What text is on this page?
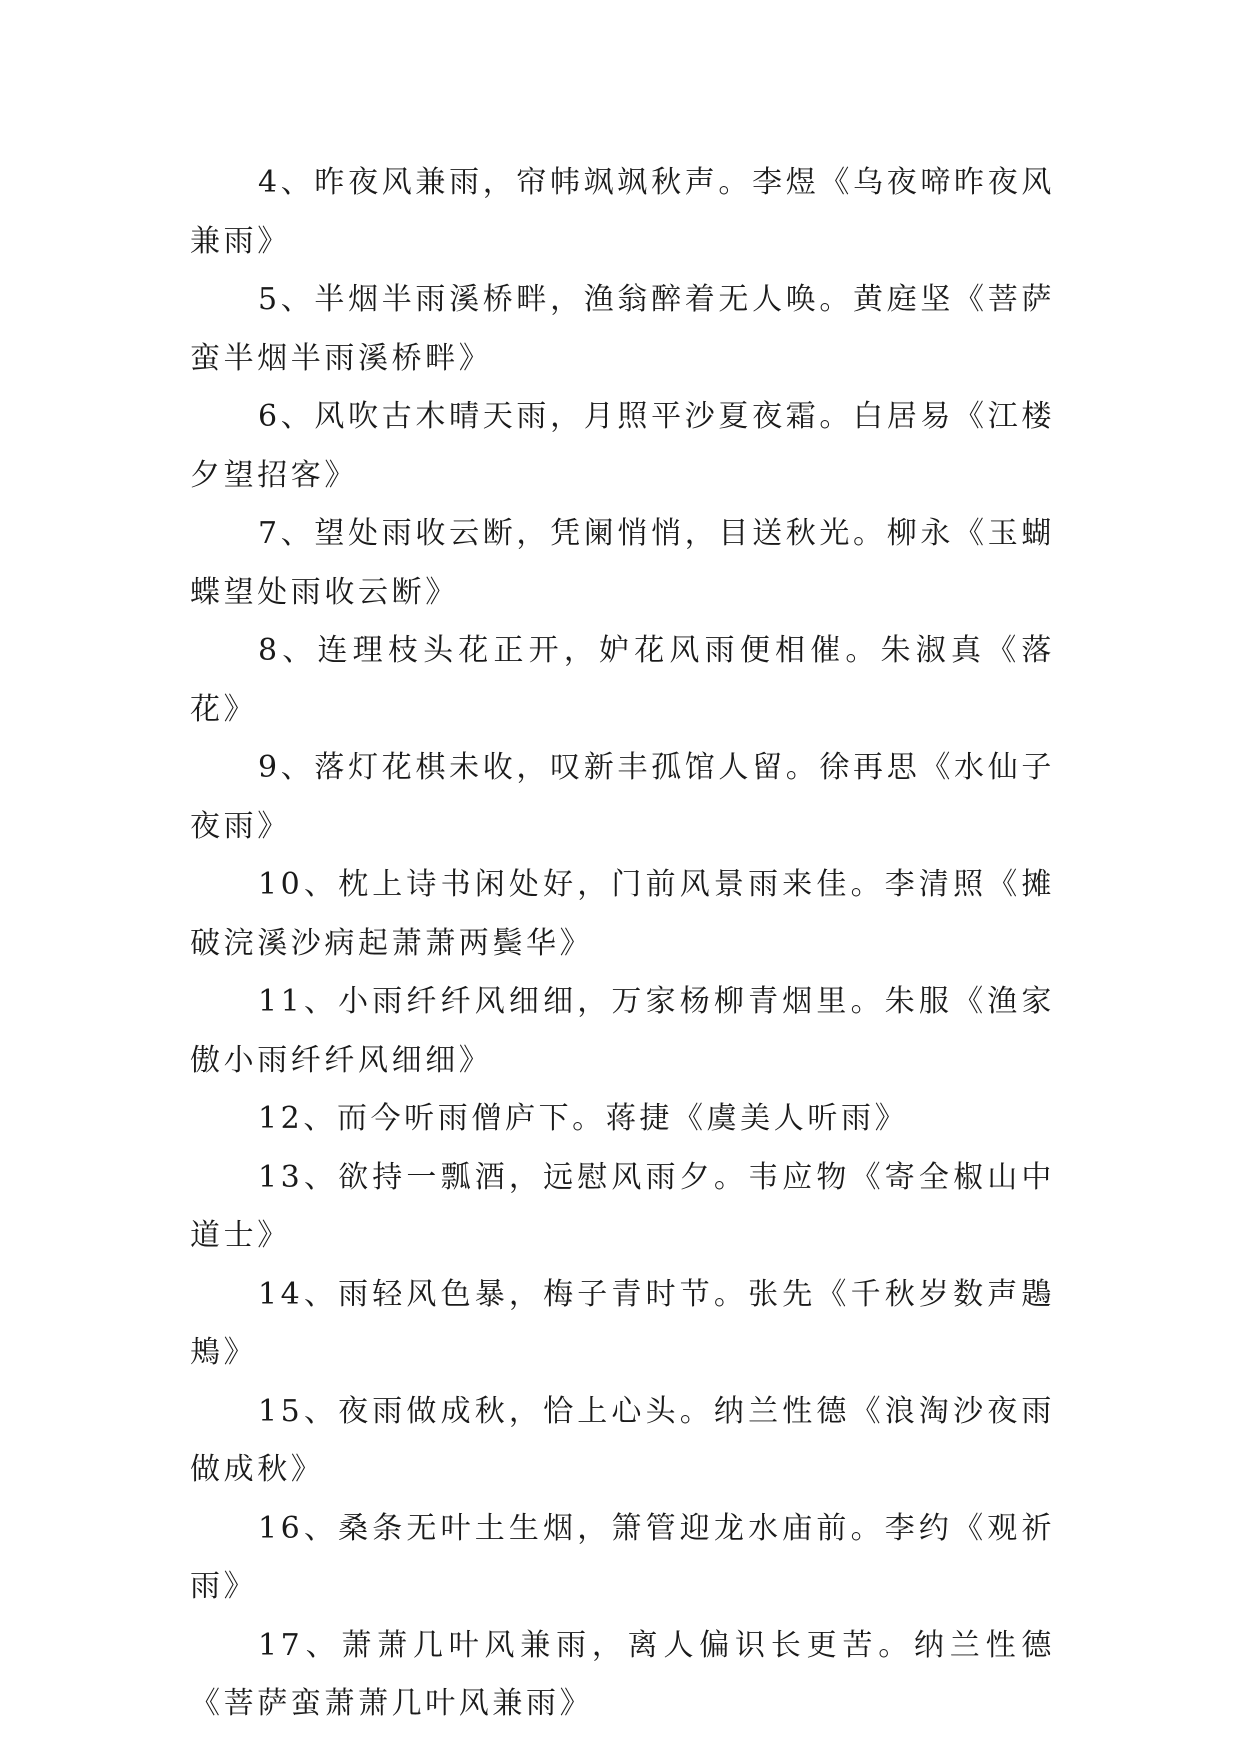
4、昨夜风兼雨，帘帏飒飒秋声。李煜《乌夜啼昨夜风兼雨》

5、半烟半雨溪桥畔，渔翁醉着无人唤。黄庭坚《菩萨蛮半烟半雨溪桥畔》

6、风吹古木晴天雨，月照平沙夏夜霜。白居易《江楼夕望招客》

7、望处雨收云断，凭阑悄悄，目送秋光。柳永《玉蝴蝶望处雨收云断》

8、连理枝头花正开，妒花风雨便相催。朱淑真《落花》

9、落灯花棋未收，叹新丰孤馆人留。徐再思《水仙子夜雨》

10、枕上诗书闲处好，门前风景雨来佳。李清照《摊破浣溪沙病起萧萧两鬓华》

11、小雨纤纤风细细，万家杨柳青烟里。朱服《渔家傲小雨纤纤风细细》

12、而今听雨僧庐下。蒋捷《虞美人听雨》

13、欲持一瓢酒，远慰风雨夕。韦应物《寄全椒山中道士》

14、雨轻风色暴，梅子青时节。张先《千秋岁数声鶗鴂》

15、夜雨做成秋，恰上心头。纳兰性德《浪淘沙夜雨做成秋》

16、桑条无叶土生烟，箫管迎龙水庙前。李约《观祈雨》

17、萧萧几叶风兼雨，离人偏识长更苦。纳兰性德《菩萨蛮萧萧几叶风兼雨》
